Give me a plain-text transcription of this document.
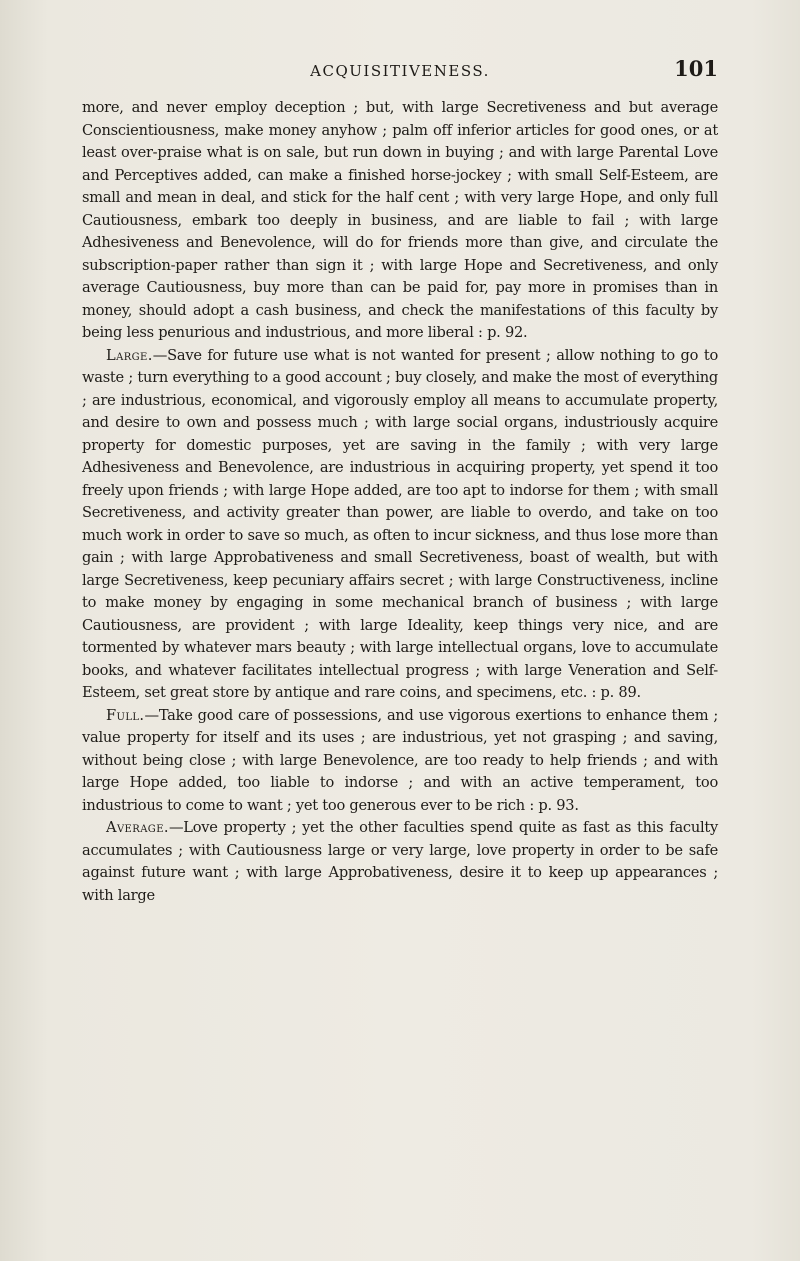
ACQUISITIVENESS.	101

more, and never employ deception ; but, with large Secretiveness and but average Conscientiousness, make money anyhow ; palm off inferior articles for good ones, or at least over-praise what is on sale, but run down in buying ; and with large Parental Love and Perceptives added, can make a finished horse-jockey ; with small Self-Esteem, are small and mean in deal, and stick for the half cent ; with very large Hope, and only full Cautiousness, embark too deeply in business, and are liable to fail ; with large Adhesiveness and Benevolence, will do for friends more than give, and circulate the subscription-paper rather than sign it ; with large Hope and Secretiveness, and only average Cautiousness, buy more than can be paid for, pay more in promises than in money, should adopt a cash business, and check the manifestations of this faculty by being less penurious and industrious, and more liberal : p. 92.

Large.—Save for future use what is not wanted for present ; allow nothing to go to waste ; turn everything to a good account ; buy closely, and make the most of everything ; are industrious, economical, and vigorously employ all means to accumulate property, and desire to own and possess much ; with large social organs, industriously acquire property for domestic purposes, yet are saving in the family ; with very large Adhesiveness and Benevolence, are industrious in acquiring property, yet spend it too freely upon friends ; with large Hope added, are too apt to indorse for them ; with small Secretiveness, and activity greater than power, are liable to overdo, and take on too much work in order to save so much, as often to incur sickness, and thus lose more than gain ; with large Approbativeness and small Secretiveness, boast of wealth, but with large Secretiveness, keep pecuniary affairs secret ; with large Constructiveness, incline to make money by engaging in some mechanical branch of business ; with large Cautiousness, are provident ; with large Ideality, keep things very nice, and are tormented by whatever mars beauty ; with large intellectual organs, love to accumulate books, and whatever facilitates intellectual progress ; with large Veneration and Self-Esteem, set great store by antique and rare coins, and specimens, etc. : p. 89.

Full.—Take good care of possessions, and use vigorous exertions to enhance them ; value property for itself and its uses ; are industrious, yet not grasping ; and saving, without being close ; with large Benevolence, are too ready to help friends ; and with large Hope added, too liable to indorse ; and with an active temperament, too industrious to come to want ; yet too generous ever to be rich : p. 93.

Average.—Love property ; yet the other faculties spend quite as fast as this faculty accumulates ; with Cautiousness large or very large, love property in order to be safe against future want ; with large Approbativeness, desire it to keep up appearances ; with large
